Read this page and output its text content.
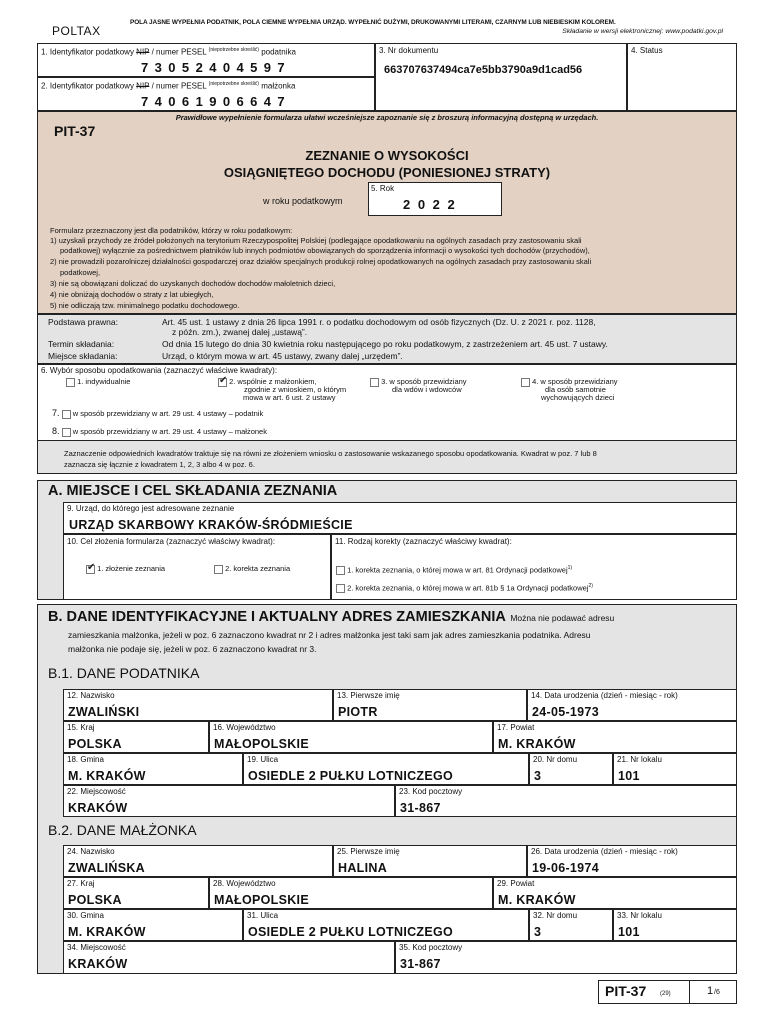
POLTAX
POLA JASNE WYPEŁNIA PODATNIK, POLA CIEMNE WYPEŁNIA URZĄD. WYPEŁNIĆ DUŻYMI, DRUKOWANYMI LITERAMI, CZARNYM LUB NIEBIESKIM KOLOREM.
Składanie w wersji elektronicznej: www.podatki.gov.pl
1. Identyfikator podatkowy NIP / numer PESEL $^{(niepotrzebne skreślić)}$ podatnika
7 3 0 5 2 4 0 4 5 9 7
2. Identyfikator podatkowy NIP / numer PESEL $^{(niepotrzebne skreślić)}$ małżonka
7 4 0 6 1 9 0 6 6 4 7
3. Nr dokumentu
663707637494ca7e5bb3790a9d1cad56
4. Status
Prawidłowe wypełnienie formularza ułatwi wcześniejsze zapoznanie się z broszurą informacyjną dostępną w urzędach.
PIT-37
ZEZNANIE O WYSOKOŚCI
OSIĄGNIĘTEGO DOCHODU (PONIESIONEJ STRATY)
w roku podatkowym
5. Rok
2 0 2 2
Formularz przeznaczony jest dla podatników, którzy w roku podatkowym:
1) uzyskali przychody ze źródeł położonych na terytorium Rzeczypospolitej Polskiej (podlegające opodatkowaniu na ogólnych zasadach przy zastosowaniu skali
podatkowej) wyłącznie za pośrednictwem płatników lub innych podmiotów obowiązanych do sporządzenia informacji o wysokości tych dochodów (przychodów),
2) nie prowadzili pozarolniczej działalności gospodarczej oraz działów specjalnych produkcji rolnej opodatkowanych na ogólnych zasadach przy zastosowaniu skali
podatkowej,
3) nie są obowiązani doliczać do uzyskanych dochodów dochodów małoletnich dzieci,
4) nie obniżają dochodów o straty z lat ubiegłych,
5) nie odliczają tzw. minimalnego podatku dochodowego.
Podstawa prawna:	Art. 45 ust. 1 ustawy z dnia 26 lipca 1991 r. o podatku dochodowym od osób fizycznych (Dz. U. z 2021 r. poz. 1128,
z późn. zm.), zwanej dalej „ustawą”.
Termin składania:	Od dnia 15 lutego do dnia 30 kwietnia roku następującego po roku podatkowym, z zastrzeżeniem art. 45 ust. 7 ustawy.
Miejsce składania:	Urząd, o którym mowa w art. 45 ustawy, zwany dalej „urzędem”.
6. Wybór sposobu opodatkowania (zaznaczyć właściwe kwadraty):
1. indywidualnie
✔	2. wspólnie z małżonkiem,
zgodnie z wnioskiem, o którym
mowa w art. 6 ust. 2 ustawy
3. w sposób przewidziany
dla wdów i wdowców
4. w sposób przewidziany
dla osób samotnie
wychowujących dzieci
7. w sposób przewidziany w art. 29 ust. 4 ustawy – podatnik
8. w sposób przewidziany w art. 29 ust. 4 ustawy – małżonek
Zaznaczenie odpowiednich kwadratów traktuje się na równi ze złożeniem wniosku o zastosowanie wskazanego sposobu opodatkowania. Kwadrat w poz. 7 lub 8
zaznacza się łącznie z kwadratem 1, 2, 3 albo 4 w poz. 6.
A. MIEJSCE I CEL SKŁADANIA ZEZNANIA
9. Urząd, do którego jest adresowane zeznanie
URZĄD SKARBOWY KRAKÓW-ŚRÓDMIEŚCIE
10. Cel złożenia formularza (zaznaczyć właściwy kwadrat):
✔ 1. złożenie zeznania	2. korekta zeznania
11. Rodzaj korekty (zaznaczyć właściwy kwadrat):
1. korekta zeznania, o której mowa w art. 81 Ordynacji podatkowej$^{1)}$
2. korekta zeznania, o której mowa w art. 81b § 1a Ordynacji podatkowej$^{2)}$
B. DANE IDENTYFIKACYJNE I AKTUALNY ADRES ZAMIESZKANIA Można nie podawać adresu
zamieszkania małżonka, jeżeli w poz. 6 zaznaczono kwadrat nr 2 i adres małżonka jest taki sam jak adres zamieszkania podatnika. Adresu
małżonka nie podaje się, jeżeli w poz. 6 zaznaczono kwadrat nr 3.
B.1. DANE PODATNIKA
12. Nazwisko
ZWALIŃSKI
13. Pierwsze imię
PIOTR
14. Data urodzenia (dzień - miesiąc - rok)
24-05-1973
15. Kraj
POLSKA
16. Województwo
MAŁOPOLSKIE
17. Powiat
M. KRAKÓW
18. Gmina
M. KRAKÓW
19. Ulica
OSIEDLE 2 PUŁKU LOTNICZEGO
20. Nr domu
3
21. Nr lokalu
101
22. Miejscowość
KRAKÓW
23. Kod pocztowy
31-867
B.2. DANE MAŁŻONKA
24. Nazwisko
ZWALIŃSKA
25. Pierwsze imię
HALINA
26. Data urodzenia (dzień - miesiąc - rok)
19-06-1974
27. Kraj
POLSKA
28. Województwo
MAŁOPOLSKIE
29. Powiat
M. KRAKÓW
30. Gmina
M. KRAKÓW
31. Ulica
OSIEDLE 2 PUŁKU LOTNICZEGO
32. Nr domu
3
33. Nr lokalu
101
34. Miejscowość
KRAKÓW
35. Kod pocztowy
31-867
PIT-37 (29)	1 /6
